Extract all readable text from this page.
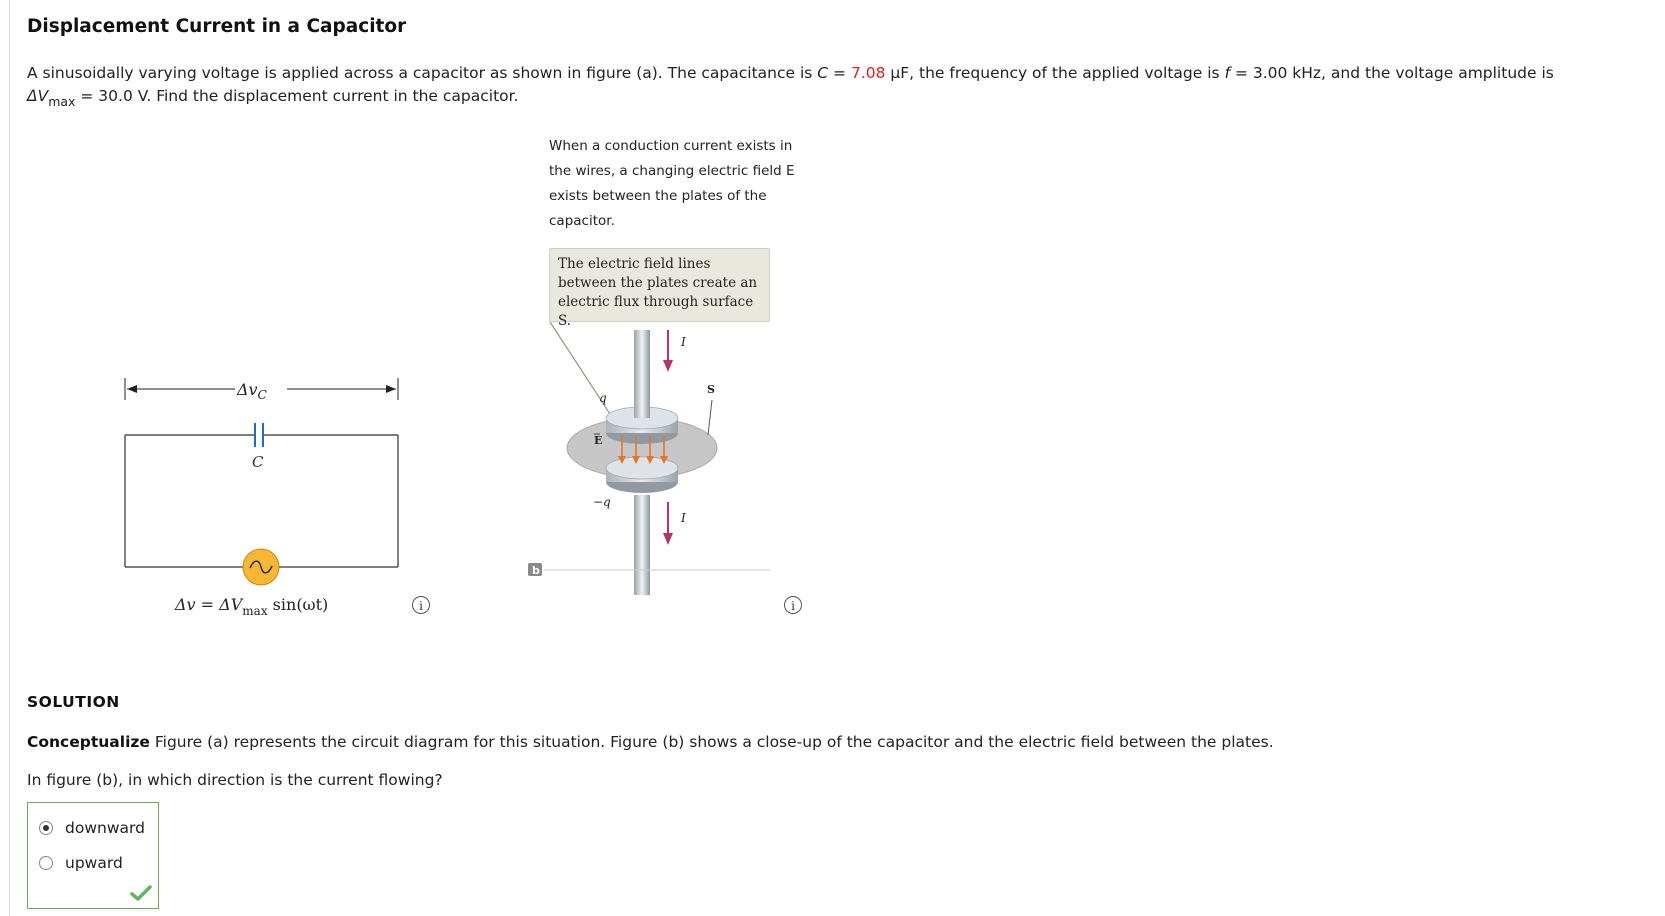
Displacement Current in a Capacitor
A sinusoidally varying voltage is applied across a capacitor as shown in figure (a). The capacitance is C = 7.08 μF, the frequency of the applied voltage is f = 3.00 kHz, and the voltage amplitude is
$\Delta V_{max} = 30.0$ V. Find the displacement current in the capacitor.
$\Delta v_C$
C
$\Delta v = \Delta V_{max}$ sin(ωt)	i
When a conduction current exists in the wires, a changing electric field E exists between the plates of the capacitor.
The electric field lines between the plates create an electric flux through surface S.
q
−q
I
I
S
E
b
i
SOLUTION
Conceptualize Figure (a) represents the circuit diagram for this situation. Figure (b) shows a close-up of the capacitor and the electric field between the plates.
In figure (b), in which direction is the current flowing?
downward
upward
